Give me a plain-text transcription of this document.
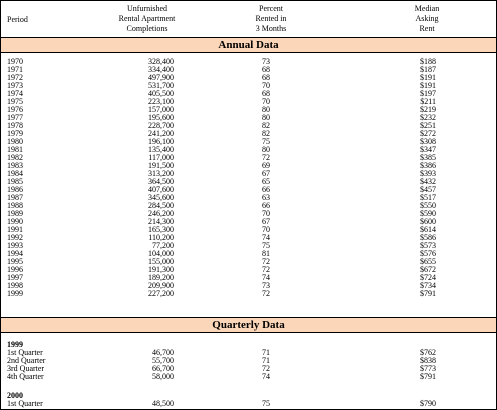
Period
Unfurnished
Rental Apartment
Completions
Percent
Rented in
3 Months
Median
Asking
Rent
Annual Data
1970	328,400	73	$188
1971	334,400	68	$187
1972	497,900	68	$191
1973	531,700	70	$191
1974	405,500	68	$197
1975	223,100	70	$211
1976	157,000	80	$219
1977	195,600	80	$232
1978	228,700	82	$251
1979	241,200	82	$272
1980	196,100	75	$308
1981	135,400	80	$347
1982	117,000	72	$385
1983	191,500	69	$386
1984	313,200	67	$393
1985	364,500	65	$432
1986	407,600	66	$457
1987	345,600	63	$517
1988	284,500	66	$550
1989	246,200	70	$590
1990	214,300	67	$600
1991	165,300	70	$614
1992	110,200	74	$586
1993	77,200	75	$573
1994	104,000	81	$576
1995	155,000	72	$655
1996	191,300	72	$672
1997	189,200	74	$724
1998	209,900	73	$734
1999	227,200	72	$791
Quarterly Data
1999
1st Quarter	46,700	71	$762
2nd Quarter	55,700	71	$838
3rd Quarter	66,700	72	$773
4th Quarter	58,000	74	$791
2000
1st Quarter	48,500	75	$790
